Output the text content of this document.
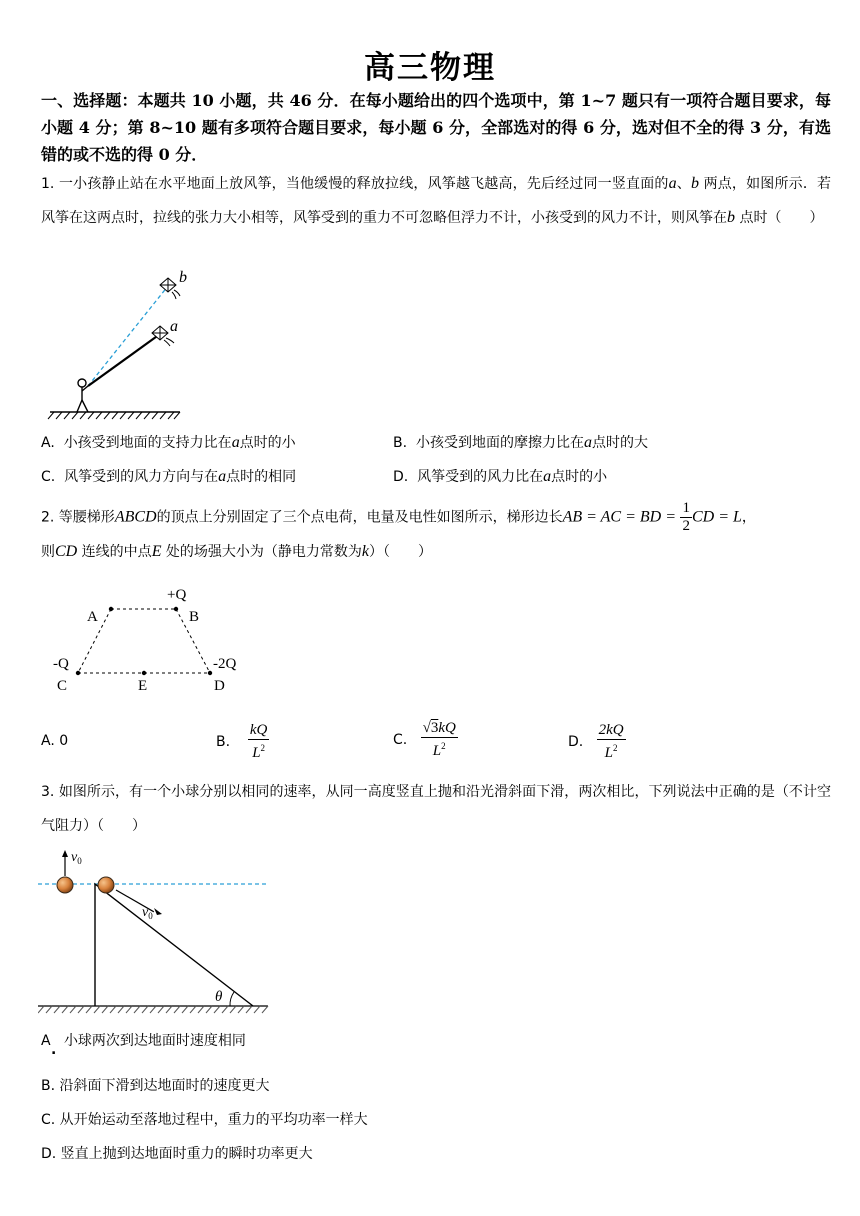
高三物理
一、选择题：本题共 10 小题，共 46 分．在每小题给出的四个选项中，第 1~7 题只有一项符合题目要求，每小题 4 分；第 8~10 题有多项符合题目要求，每小题 6 分，全部选对的得 6 分，选对但不全的得 3 分，有选错的或不选的得 0 分．
1. 一小孩静止站在水平地面上放风筝，当他缓慢的释放拉线，风筝越飞越高，先后经过同一竖直面的a、b 两点，如图所示．若风筝在这两点时，拉线的张力大小相等，风筝受到的重力不可忽略但浮力不计，小孩受到的风力不计，则风筝在b 点时（　　）
b
a
A. 小孩受到地面的支持力比在a点时的小	B. 小孩受到地面的摩擦力比在a点时的大
C. 风筝受到的风力方向与在a点时的相同	D. 风筝受到的风力比在a点时的小
2. 等腰梯形ABCD的顶点上分别固定了三个点电荷，电量及电性如图所示，梯形边长AB = AC = BD = $\frac{1}{2}$ CD = L，
则CD 连线的中点E 处的场强大小为（静电力常数为k）（　　）
+Q
A	B
-Q	-2Q
C	E	D
A. 0	B.
$\frac{kQ}{L^2}$	C.
$\frac{√3kQ}{L^2}$	D.
$\frac{2kQ}{L^2}$
3. 如图所示，有一个小球分别以相同的速率，从同一高度竖直上抛和沿光滑斜面下滑，两次相比，下列说法中正确的是（不计空气阻力）（　　）
θ
$v_0$
$v_0$
A 小球两次到达地面时速度相同
.
B. 沿斜面下滑到达地面时的速度更大
C. 从开始运动至落地过程中，重力的平均功率一样大
D. 竖直上抛到达地面时重力的瞬时功率更大
